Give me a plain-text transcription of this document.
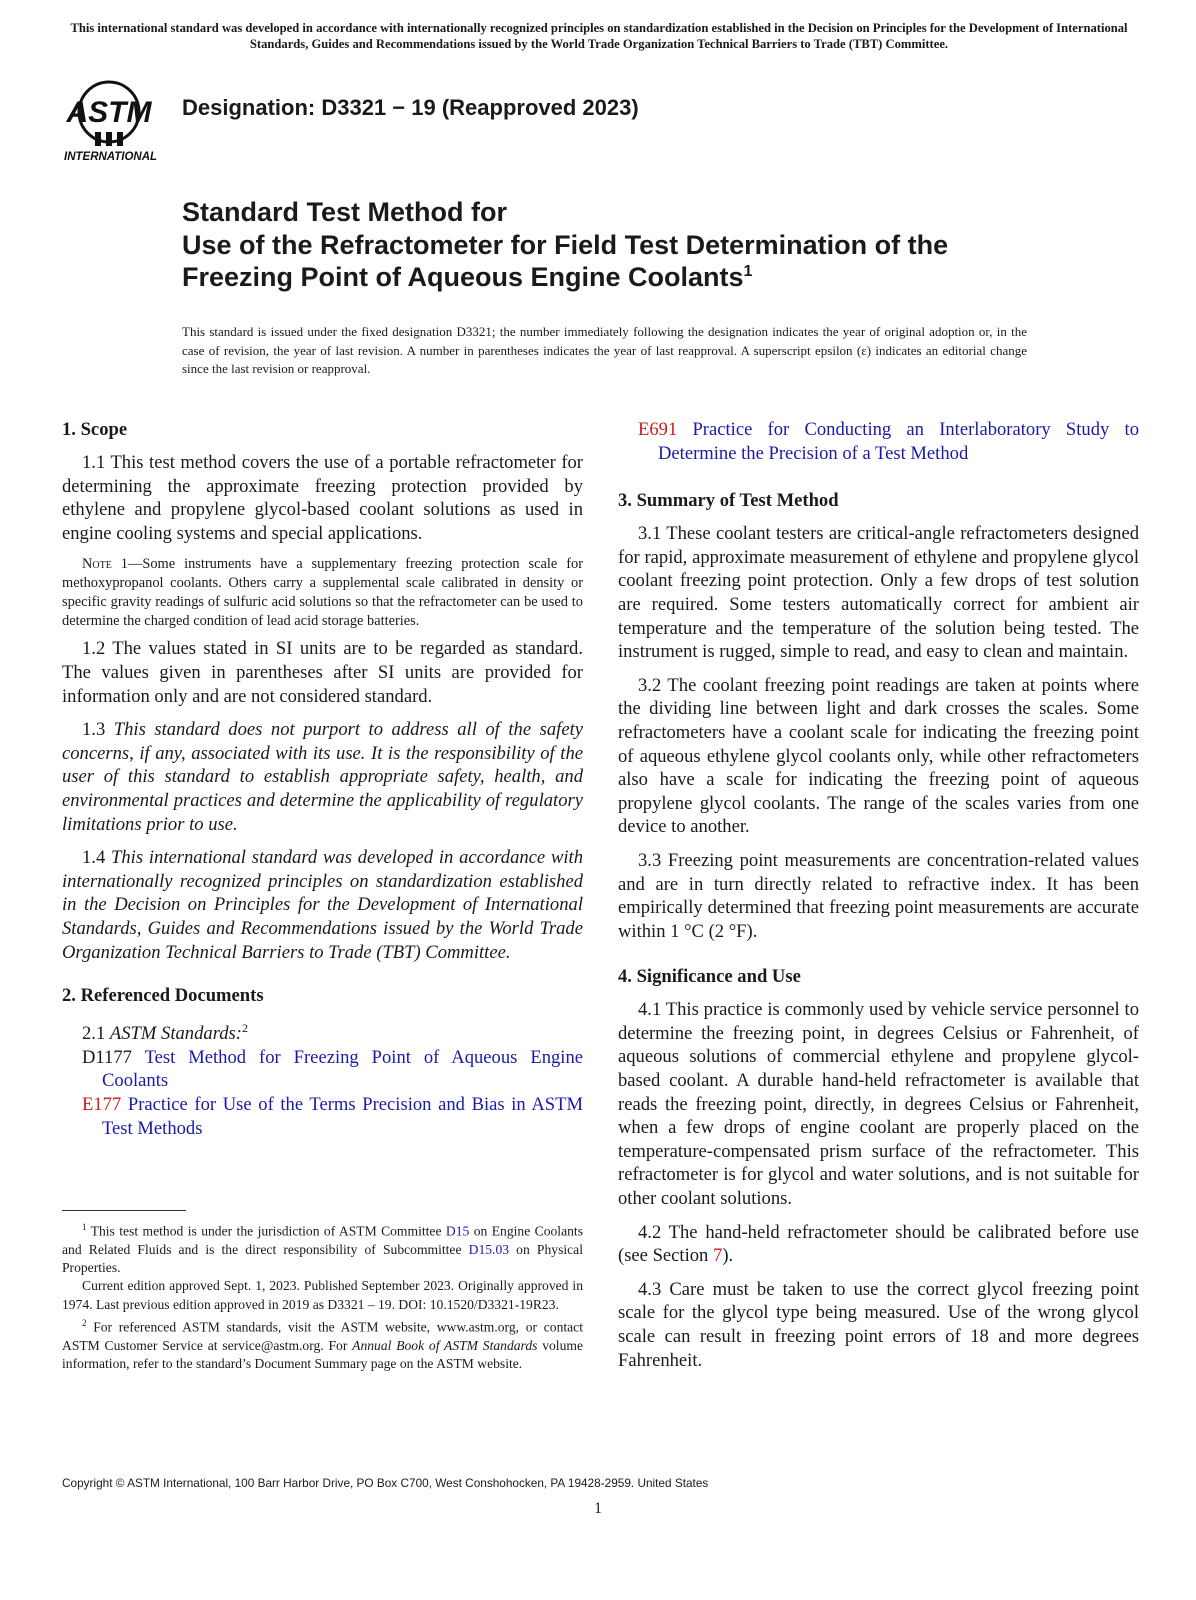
This international standard was developed in accordance with internationally recognized principles on standardization established in the Decision on Principles for the Development of International Standards, Guides and Recommendations issued by the World Trade Organization Technical Barriers to Trade (TBT) Committee.
ASTM
INTERNATIONAL
Designation: D3321 − 19 (Reapproved 2023)
Standard Test Method for
Use of the Refractometer for Field Test Determination of the
Freezing Point of Aqueous Engine Coolants$^1$
This standard is issued under the fixed designation D3321; the number immediately following the designation indicates the year of original adoption or, in the case of revision, the year of last revision. A number in parentheses indicates the year of last reapproval. A superscript epsilon (ε) indicates an editorial change since the last revision or reapproval.
1. Scope

1.1 This test method covers the use of a portable refractometer for determining the approximate freezing protection provided by ethylene and propylene glycol-based coolant solutions as used in engine cooling systems and special applications.

Note 1—Some instruments have a supplementary freezing protection scale for methoxypropanol coolants. Others carry a supplemental scale calibrated in density or specific gravity readings of sulfuric acid solutions so that the refractometer can be used to determine the charged condition of lead acid storage batteries.

1.2 The values stated in SI units are to be regarded as standard. The values given in parentheses after SI units are provided for information only and are not considered standard.

1.3 This standard does not purport to address all of the safety concerns, if any, associated with its use. It is the responsibility of the user of this standard to establish appropriate safety, health, and environmental practices and determine the applicability of regulatory limitations prior to use.

1.4 This international standard was developed in accordance with internationally recognized principles on standardization established in the Decision on Principles for the Development of International Standards, Guides and Recommendations issued by the World Trade Organization Technical Barriers to Trade (TBT) Committee.

2. Referenced Documents

2.1 ASTM Standards:$^2$

D1177 Test Method for Freezing Point of Aqueous Engine Coolants

E177 Practice for Use of the Terms Precision and Bias in ASTM Test Methods

$^1$ This test method is under the jurisdiction of ASTM Committee D15 on Engine Coolants and Related Fluids and is the direct responsibility of Subcommittee D15.03 on Physical Properties.

Current edition approved Sept. 1, 2023. Published September 2023. Originally approved in 1974. Last previous edition approved in 2019 as D3321 – 19. DOI: 10.1520/D3321-19R23.

$^2$ For referenced ASTM standards, visit the ASTM website, www.astm.org, or contact ASTM Customer Service at service@astm.org. For Annual Book of ASTM Standards volume information, refer to the standard’s Document Summary page on the ASTM website.

E691 Practice for Conducting an Interlaboratory Study to Determine the Precision of a Test Method

3. Summary of Test Method

3.1 These coolant testers are critical-angle refractometers designed for rapid, approximate measurement of ethylene and propylene glycol coolant freezing point protection. Only a few drops of test solution are required. Some testers automatically correct for ambient air temperature and the temperature of the solution being tested. The instrument is rugged, simple to read, and easy to clean and maintain.

3.2 The coolant freezing point readings are taken at points where the dividing line between light and dark crosses the scales. Some refractometers have a coolant scale for indicating the freezing point of aqueous ethylene glycol coolants only, while other refractometers also have a scale for indicating the freezing point of aqueous propylene glycol coolants. The range of the scales varies from one device to another.

3.3 Freezing point measurements are concentration-related values and are in turn directly related to refractive index. It has been empirically determined that freezing point measurements are accurate within 1 °C (2 °F).

4. Significance and Use

4.1 This practice is commonly used by vehicle service personnel to determine the freezing point, in degrees Celsius or Fahrenheit, of aqueous solutions of commercial ethylene and propylene glycol-based coolant. A durable hand-held refractometer is available that reads the freezing point, directly, in degrees Celsius or Fahrenheit, when a few drops of engine coolant are properly placed on the temperature-compensated prism surface of the refractometer. This refractometer is for glycol and water solutions, and is not suitable for other coolant solutions.

4.2 The hand-held refractometer should be calibrated before use (see Section 7).

4.3 Care must be taken to use the correct glycol freezing point scale for the glycol type being measured. Use of the wrong glycol scale can result in freezing point errors of 18 and more degrees Fahrenheit.

Copyright © ASTM International, 100 Barr Harbor Drive, PO Box C700, West Conshohocken, PA 19428-2959. United States
1
